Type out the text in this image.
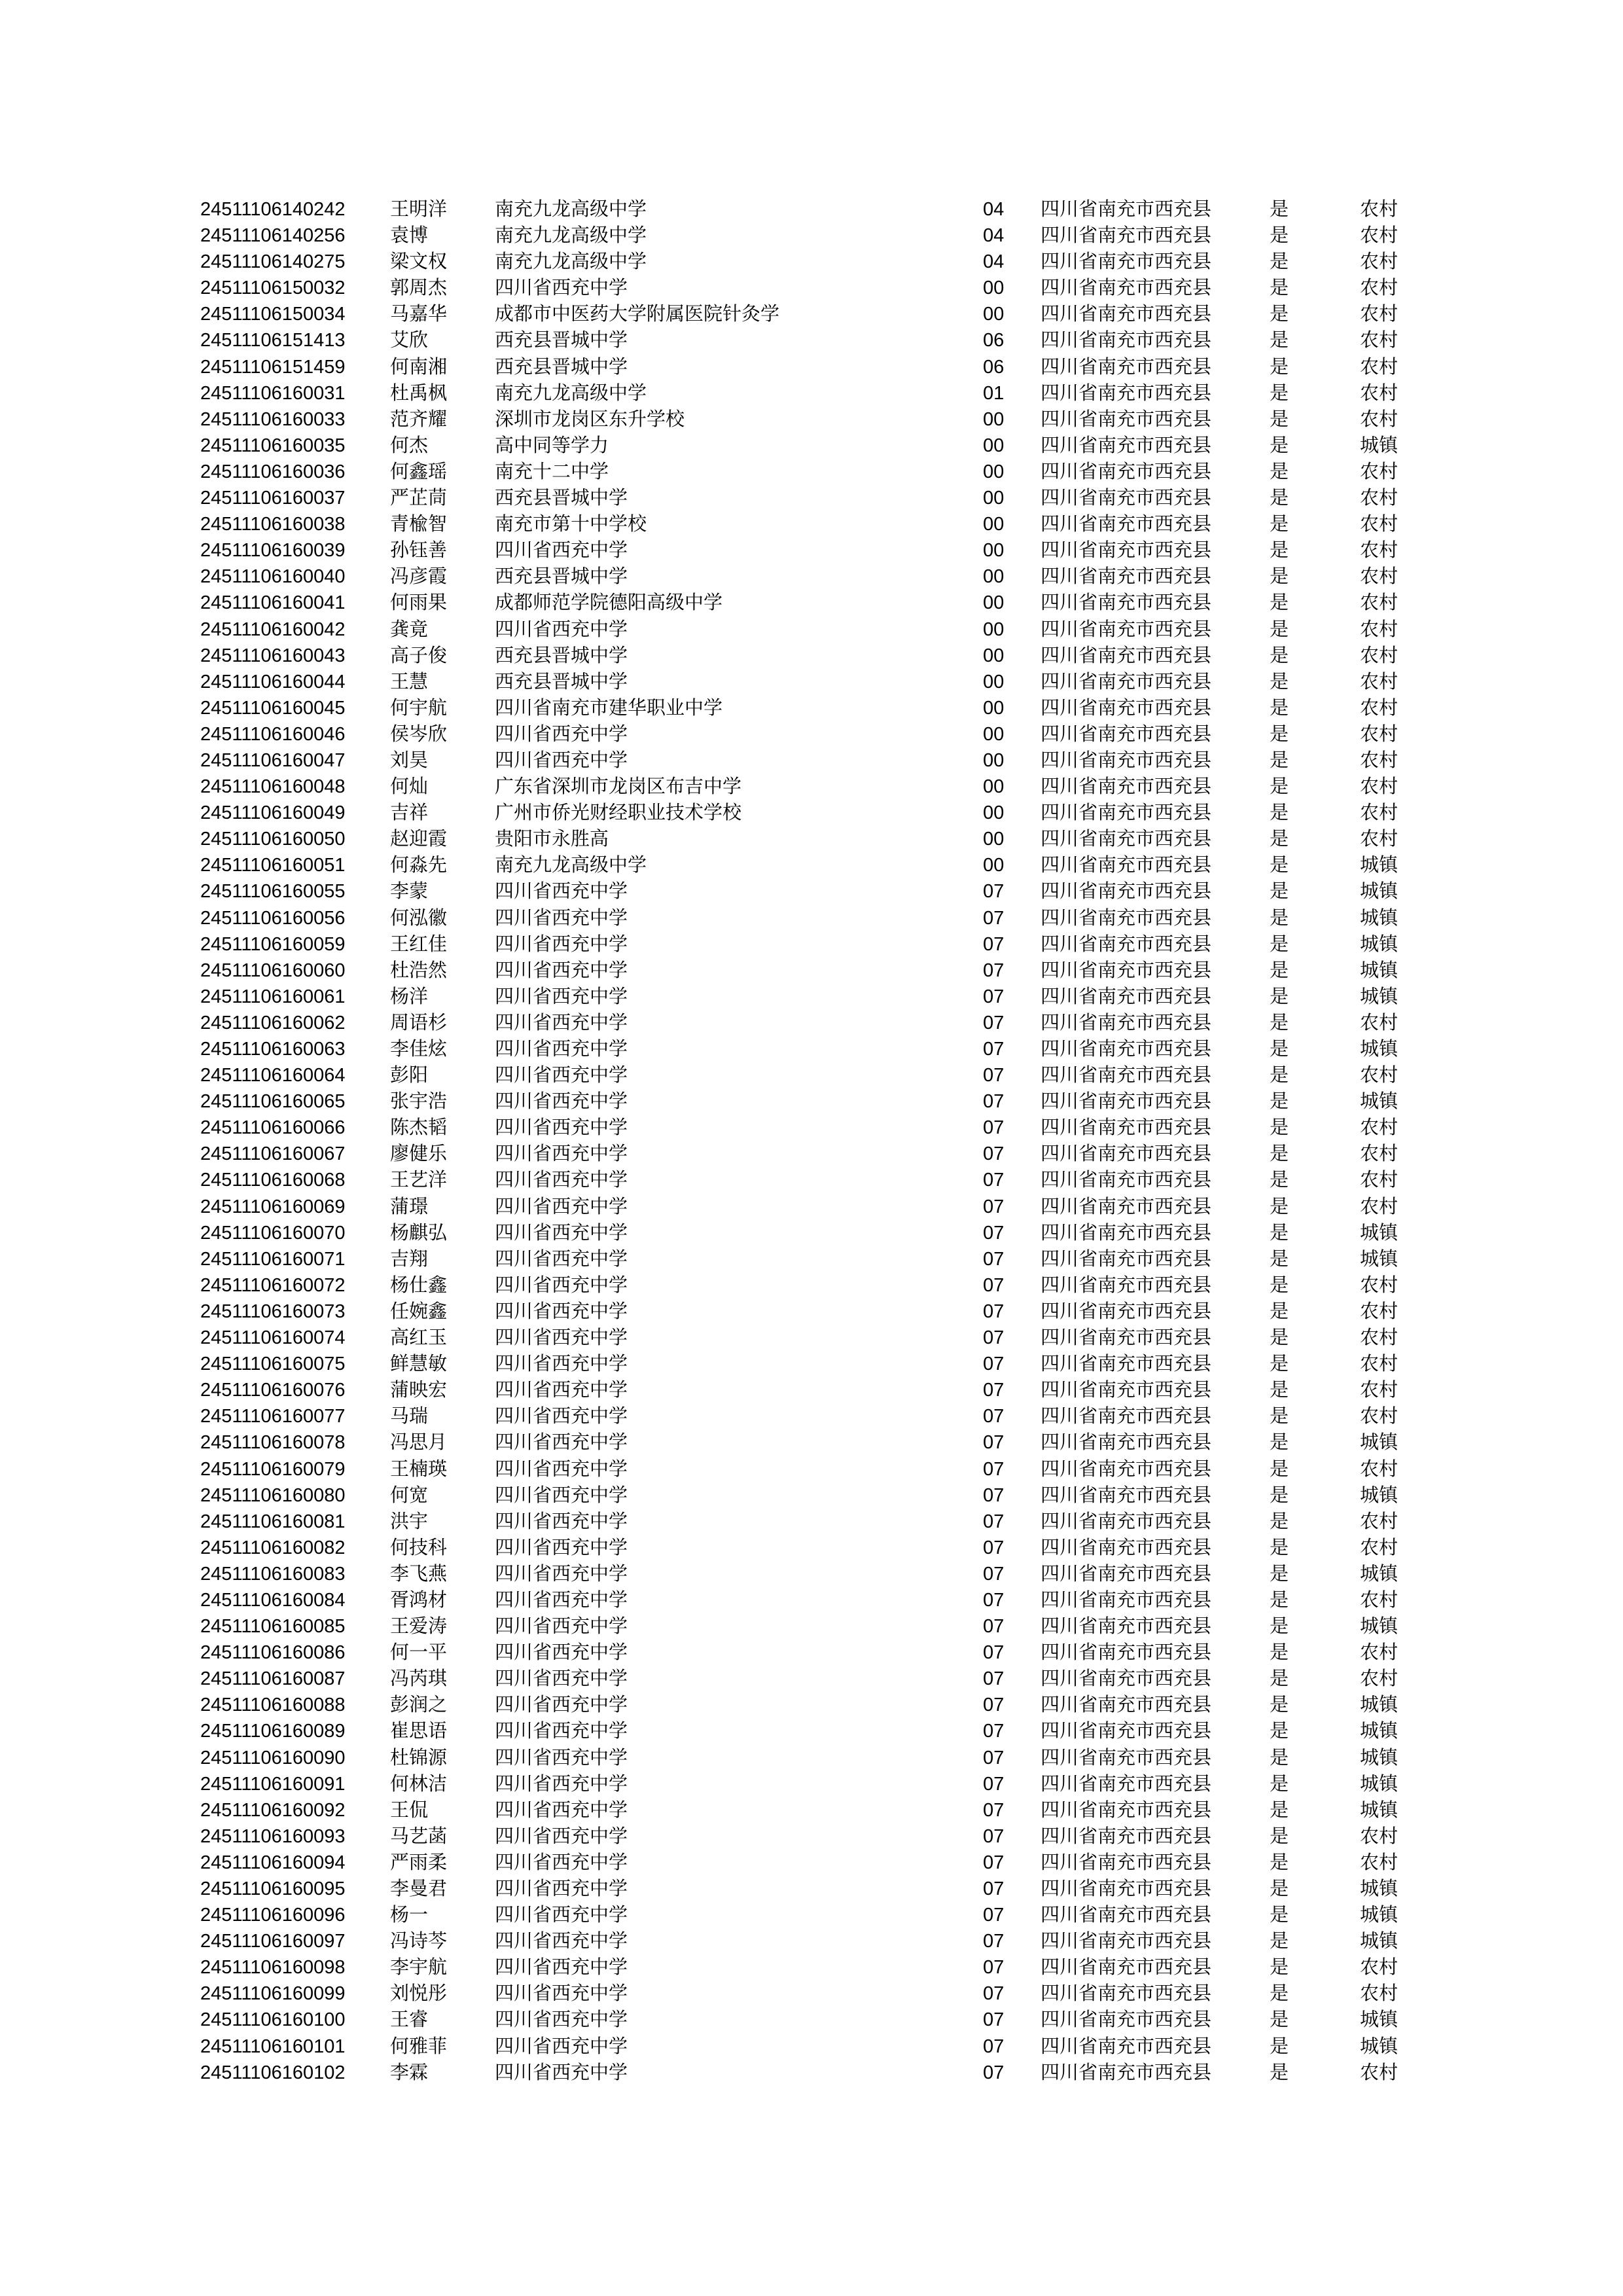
24511106140242 王明洋	南充九龙高级中学	04 四川省南充市西充县	是	农村
24511106140256 袁博	南充九龙高级中学	04 四川省南充市西充县	是	农村
24511106140275 梁文权	南充九龙高级中学	04 四川省南充市西充县	是	农村
24511106150032 郭周杰	四川省西充中学	00 四川省南充市西充县	是	农村
24511106150034 马嘉华	成都市中医药大学附属医院针灸学	00 四川省南充市西充县	是	农村
24511106151413 艾欣	西充县晋城中学	06 四川省南充市西充县	是	农村
24511106151459 何南湘	西充县晋城中学	06 四川省南充市西充县	是	农村
24511106160031 杜禹枫	南充九龙高级中学	01 四川省南充市西充县	是	农村
24511106160033 范齐耀	深圳市龙岗区东升学校	00 四川省南充市西充县	是	农村
24511106160035 何杰	高中同等学力	00 四川省南充市西充县	是	城镇
24511106160036 何鑫瑶	南充十二中学	00 四川省南充市西充县	是	农村
24511106160037 严芷茼	西充县晋城中学	00 四川省南充市西充县	是	农村
24511106160038 青楡智	南充市第十中学校	00 四川省南充市西充县	是	农村
24511106160039 孙钰善	四川省西充中学	00 四川省南充市西充县	是	农村
24511106160040 冯彦霞	西充县晋城中学	00 四川省南充市西充县	是	农村
24511106160041 何雨果	成都师范学院德阳高级中学	00 四川省南充市西充县	是	农村
24511106160042 龚竟	四川省西充中学	00 四川省南充市西充县	是	农村
24511106160043 高子俊	西充县晋城中学	00 四川省南充市西充县	是	农村
24511106160044 王慧	西充县晋城中学	00 四川省南充市西充县	是	农村
24511106160045 何宇航	四川省南充市建华职业中学	00 四川省南充市西充县	是	农村
24511106160046 侯岑欣	四川省西充中学	00 四川省南充市西充县	是	农村
24511106160047 刘昊	四川省西充中学	00 四川省南充市西充县	是	农村
24511106160048 何灿	广东省深圳市龙岗区布吉中学	00 四川省南充市西充县	是	农村
24511106160049 吉祥	广州市侨光财经职业技术学校	00 四川省南充市西充县	是	农村
24511106160050 赵迎霞	贵阳市永胜高	00 四川省南充市西充县	是	农村
24511106160051 何淼先	南充九龙高级中学	00 四川省南充市西充县	是	城镇
24511106160055 李蒙	四川省西充中学	07 四川省南充市西充县	是	城镇
24511106160056 何泓徽	四川省西充中学	07 四川省南充市西充县	是	城镇
24511106160059 王红佳	四川省西充中学	07 四川省南充市西充县	是	城镇
24511106160060 杜浩然	四川省西充中学	07 四川省南充市西充县	是	城镇
24511106160061 杨洋	四川省西充中学	07 四川省南充市西充县	是	城镇
24511106160062 周语杉	四川省西充中学	07 四川省南充市西充县	是	农村
24511106160063 李佳炫	四川省西充中学	07 四川省南充市西充县	是	城镇
24511106160064 彭阳	四川省西充中学	07 四川省南充市西充县	是	农村
24511106160065 张宇浩	四川省西充中学	07 四川省南充市西充县	是	城镇
24511106160066 陈杰韬	四川省西充中学	07 四川省南充市西充县	是	农村
24511106160067 廖健乐	四川省西充中学	07 四川省南充市西充县	是	农村
24511106160068 王艺洋	四川省西充中学	07 四川省南充市西充县	是	农村
24511106160069 蒲璟	四川省西充中学	07 四川省南充市西充县	是	农村
24511106160070 杨麒弘	四川省西充中学	07 四川省南充市西充县	是	城镇
24511106160071 吉翔	四川省西充中学	07 四川省南充市西充县	是	城镇
24511106160072 杨仕鑫	四川省西充中学	07 四川省南充市西充县	是	农村
24511106160073 任婉鑫	四川省西充中学	07 四川省南充市西充县	是	农村
24511106160074 高红玉	四川省西充中学	07 四川省南充市西充县	是	农村
24511106160075 鲜慧敏	四川省西充中学	07 四川省南充市西充县	是	农村
24511106160076 蒲映宏	四川省西充中学	07 四川省南充市西充县	是	农村
24511106160077 马瑞	四川省西充中学	07 四川省南充市西充县	是	农村
24511106160078 冯思月	四川省西充中学	07 四川省南充市西充县	是	城镇
24511106160079 王楠瑛	四川省西充中学	07 四川省南充市西充县	是	农村
24511106160080 何宽	四川省西充中学	07 四川省南充市西充县	是	城镇
24511106160081 洪宇	四川省西充中学	07 四川省南充市西充县	是	农村
24511106160082 何技科	四川省西充中学	07 四川省南充市西充县	是	农村
24511106160083 李飞燕	四川省西充中学	07 四川省南充市西充县	是	城镇
24511106160084 胥鸿材	四川省西充中学	07 四川省南充市西充县	是	农村
24511106160085 王爱涛	四川省西充中学	07 四川省南充市西充县	是	城镇
24511106160086 何一平	四川省西充中学	07 四川省南充市西充县	是	农村
24511106160087 冯芮琪	四川省西充中学	07 四川省南充市西充县	是	农村
24511106160088 彭润之	四川省西充中学	07 四川省南充市西充县	是	城镇
24511106160089 崔思语	四川省西充中学	07 四川省南充市西充县	是	城镇
24511106160090 杜锦源	四川省西充中学	07 四川省南充市西充县	是	城镇
24511106160091 何林洁	四川省西充中学	07 四川省南充市西充县	是	城镇
24511106160092 王侃	四川省西充中学	07 四川省南充市西充县	是	城镇
24511106160093 马艺菡	四川省西充中学	07 四川省南充市西充县	是	农村
24511106160094 严雨柔	四川省西充中学	07 四川省南充市西充县	是	农村
24511106160095 李曼君	四川省西充中学	07 四川省南充市西充县	是	城镇
24511106160096 杨一	四川省西充中学	07 四川省南充市西充县	是	城镇
24511106160097 冯诗芩	四川省西充中学	07 四川省南充市西充县	是	城镇
24511106160098 李宇航	四川省西充中学	07 四川省南充市西充县	是	农村
24511106160099 刘悦彤	四川省西充中学	07 四川省南充市西充县	是	农村
24511106160100 王睿	四川省西充中学	07 四川省南充市西充县	是	城镇
24511106160101 何雅菲	四川省西充中学	07 四川省南充市西充县	是	城镇
24511106160102 李霖	四川省西充中学	07 四川省南充市西充县	是	农村
